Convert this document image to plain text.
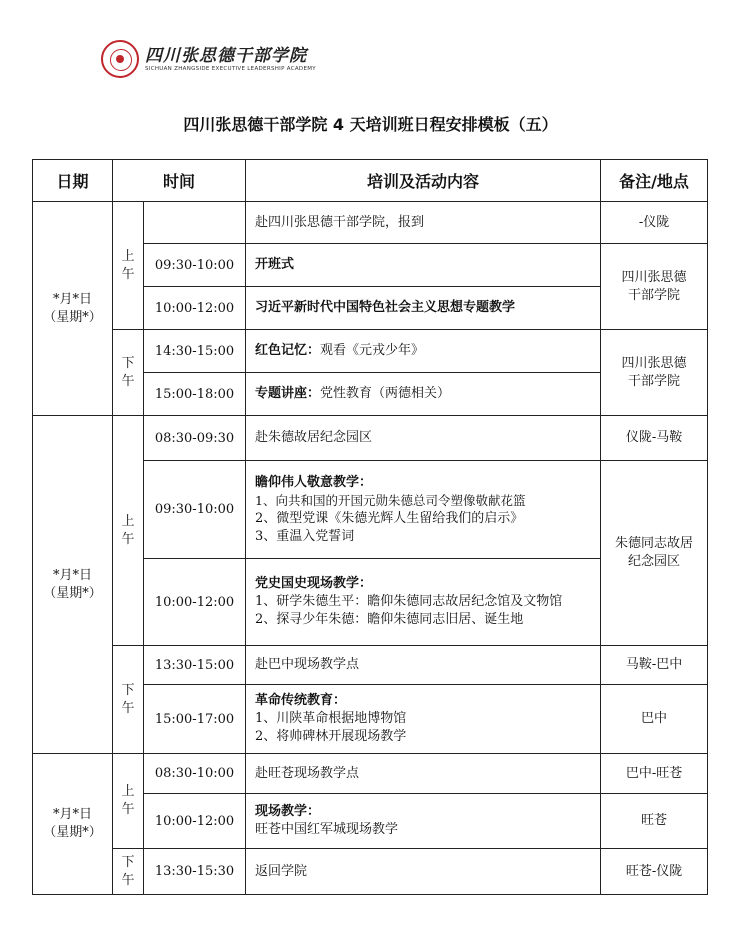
四川张思德干部学院
SICHUAN ZHANGSIDE EXECUTIVE LEADERSHIP ACADEMY
四川张思德干部学院 4 天培训班日程安排模板（五）
日期	时间		培训及活动内容	备注/地点

*月*日
（星期*）	上午		赴四川张思德干部学院，报到	-仪陇
		09:30-10:00	开班式	四川张思德干部学院

		10:00-12:00	习近平新时代中国特色社会主义思想专题教学	

	下午	14:30-15:00	红色记忆：观看《元戎少年》	四川张思德干部学院

		15:00-18:00	专题讲座：党性教育（两德相关）	

*月*日
（星期*）	上午	08:30-09:30	赴朱德故居纪念园区	仪陇-马鞍
		09:30-10:00	瞻仰伟人敬意教学：
1、向共和国的开国元勋朱德总司令塑像敬献花篮
2、微型党课《朱德光辉人生留给我们的启示》
3、重温入党誓词	朱德同志故居纪念园区

		10:00-12:00	党史国史现场教学：
1、研学朱德生平：瞻仰朱德同志故居纪念馆及文物馆
2、探寻少年朱德：瞻仰朱德同志旧居、诞生地	

	下午	13:30-15:00	赴巴中现场教学点	马鞍-巴中
		15:00-17:00	革命传统教育：
1、川陕革命根据地博物馆
2、将帅碑林开展现场教学	巴中

*月*日
（星期*）	上午	08:30-10:00	赴旺苍现场教学点	巴中-旺苍
		10:00-12:00	现场教学：
旺苍中国红军城现场教学	旺苍

	下午	13:30-15:30	返回学院	旺苍-仪陇
